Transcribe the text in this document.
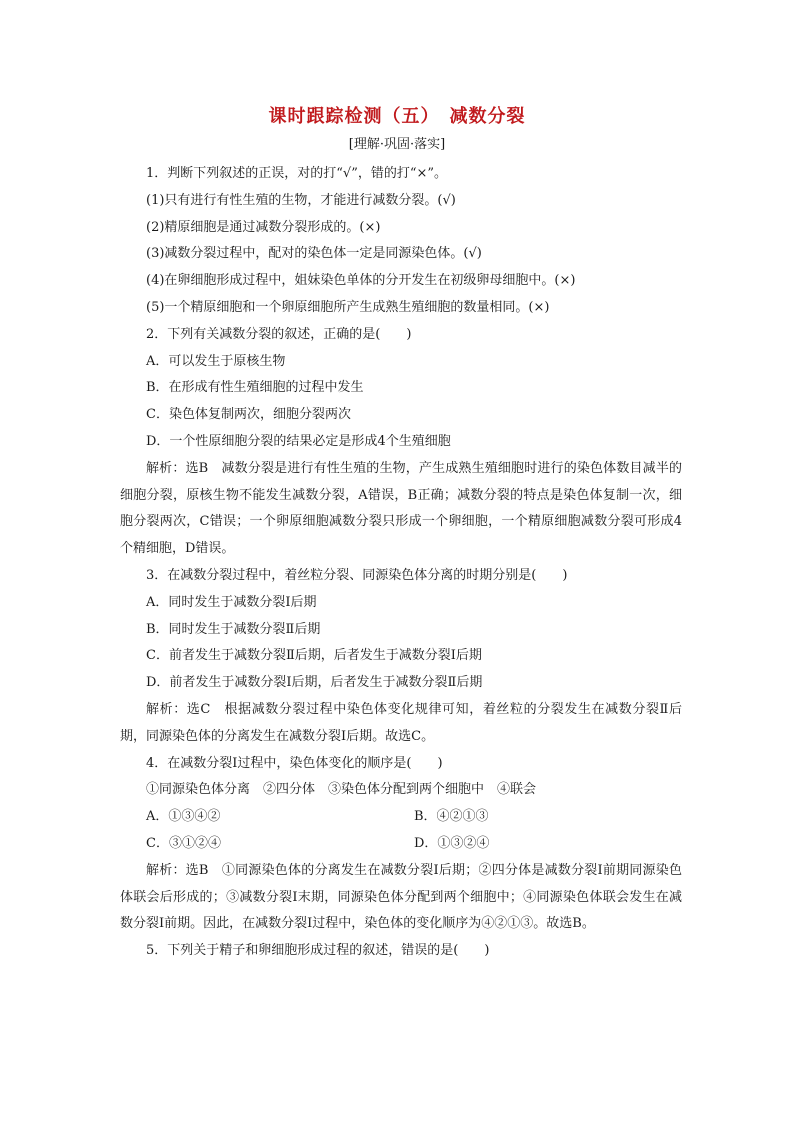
课时跟踪检测（五）　减数分裂
[理解·巩固·落实]
1．判断下列叙述的正误，对的打“√”，错的打“×”。
(1)只有进行有性生殖的生物，才能进行减数分裂。(√)
(2)精原细胞是通过减数分裂形成的。(×)
(3)减数分裂过程中，配对的染色体一定是同源染色体。(√)
(4)在卵细胞形成过程中，姐妹染色单体的分开发生在初级卵母细胞中。(×)
(5)一个精原细胞和一个卵原细胞所产生成熟生殖细胞的数量相同。(×)
2．下列有关减数分裂的叙述，正确的是(　　)
A．可以发生于原核生物
B．在形成有性生殖细胞的过程中发生
C．染色体复制两次，细胞分裂两次
D．一个性原细胞分裂的结果必定是形成4个生殖细胞
解析：选B　减数分裂是进行有性生殖的生物，产生成熟生殖细胞时进行的染色体数目减半的细胞分裂，原核生物不能发生减数分裂，A错误，B正确；减数分裂的特点是染色体复制一次，细胞分裂两次，C错误；一个卵原细胞减数分裂只形成一个卵细胞，一个精原细胞减数分裂可形成4个精细胞，D错误。
3．在减数分裂过程中，着丝粒分裂、同源染色体分离的时期分别是(　　)
A．同时发生于减数分裂Ⅰ后期
B．同时发生于减数分裂Ⅱ后期
C．前者发生于减数分裂Ⅱ后期，后者发生于减数分裂Ⅰ后期
D．前者发生于减数分裂Ⅰ后期，后者发生于减数分裂Ⅱ后期
解析：选C　根据减数分裂过程中染色体变化规律可知，着丝粒的分裂发生在减数分裂Ⅱ后期，同源染色体的分离发生在减数分裂Ⅰ后期。故选C。
4．在减数分裂Ⅰ过程中，染色体变化的顺序是(　　)
①同源染色体分离　②四分体　③染色体分配到两个细胞中　④联会
A．①③④②	B．④②①③
C．③①②④	D．①③②④
解析：选B　①同源染色体的分离发生在减数分裂Ⅰ后期；②四分体是减数分裂Ⅰ前期同源染色体联会后形成的；③减数分裂Ⅰ末期，同源染色体分配到两个细胞中；④同源染色体联会发生在减数分裂Ⅰ前期。因此，在减数分裂Ⅰ过程中，染色体的变化顺序为④②①③。故选B。
5．下列关于精子和卵细胞形成过程的叙述，错误的是(　　)
